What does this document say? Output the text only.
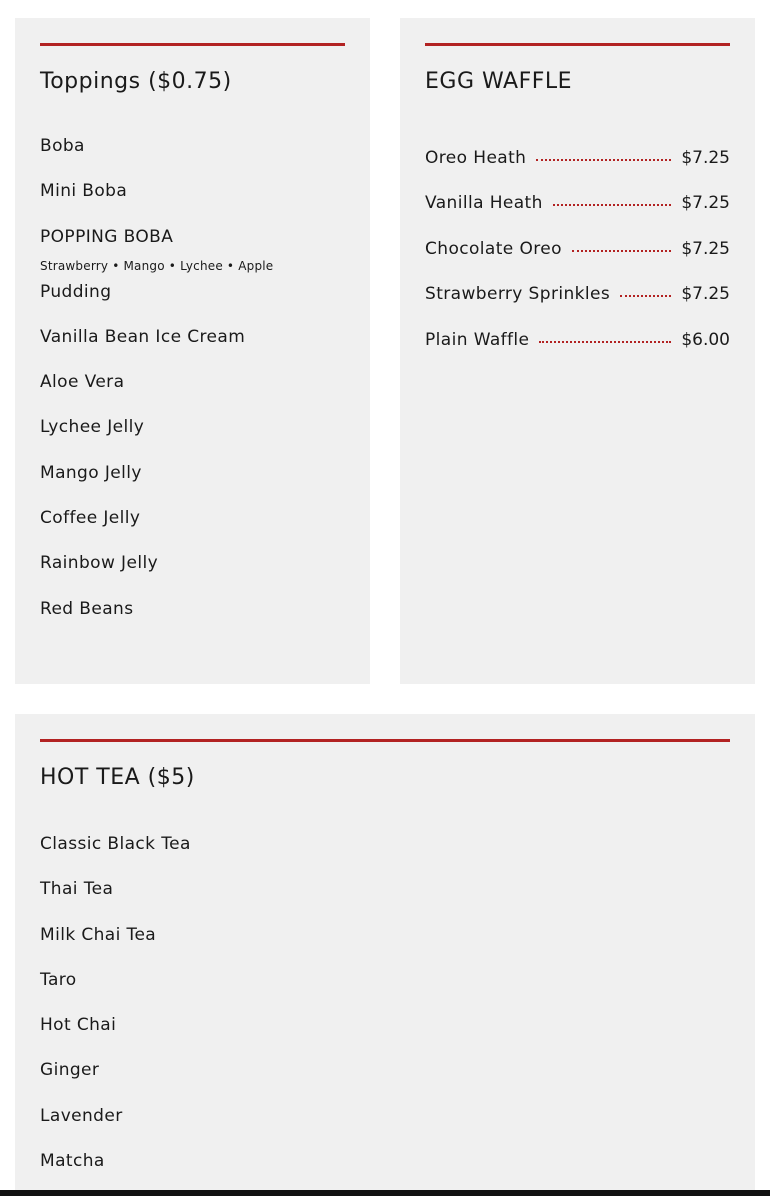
Toppings ($0.75)
Boba
Mini Boba
POPPING BOBA
Strawberry • Mango • Lychee • Apple
Pudding
Vanilla Bean Ice Cream
Aloe Vera
Lychee Jelly
Mango Jelly
Coffee Jelly
Rainbow Jelly
Red Beans
EGG WAFFLE
Oreo Heath	$7.25
Vanilla Heath	$7.25
Chocolate Oreo	$7.25
Strawberry Sprinkles	$7.25
Plain Waffle	$6.00
HOT TEA ($5)
Classic Black Tea
Thai Tea
Milk Chai Tea
Taro
Hot Chai
Ginger
Lavender
Matcha
